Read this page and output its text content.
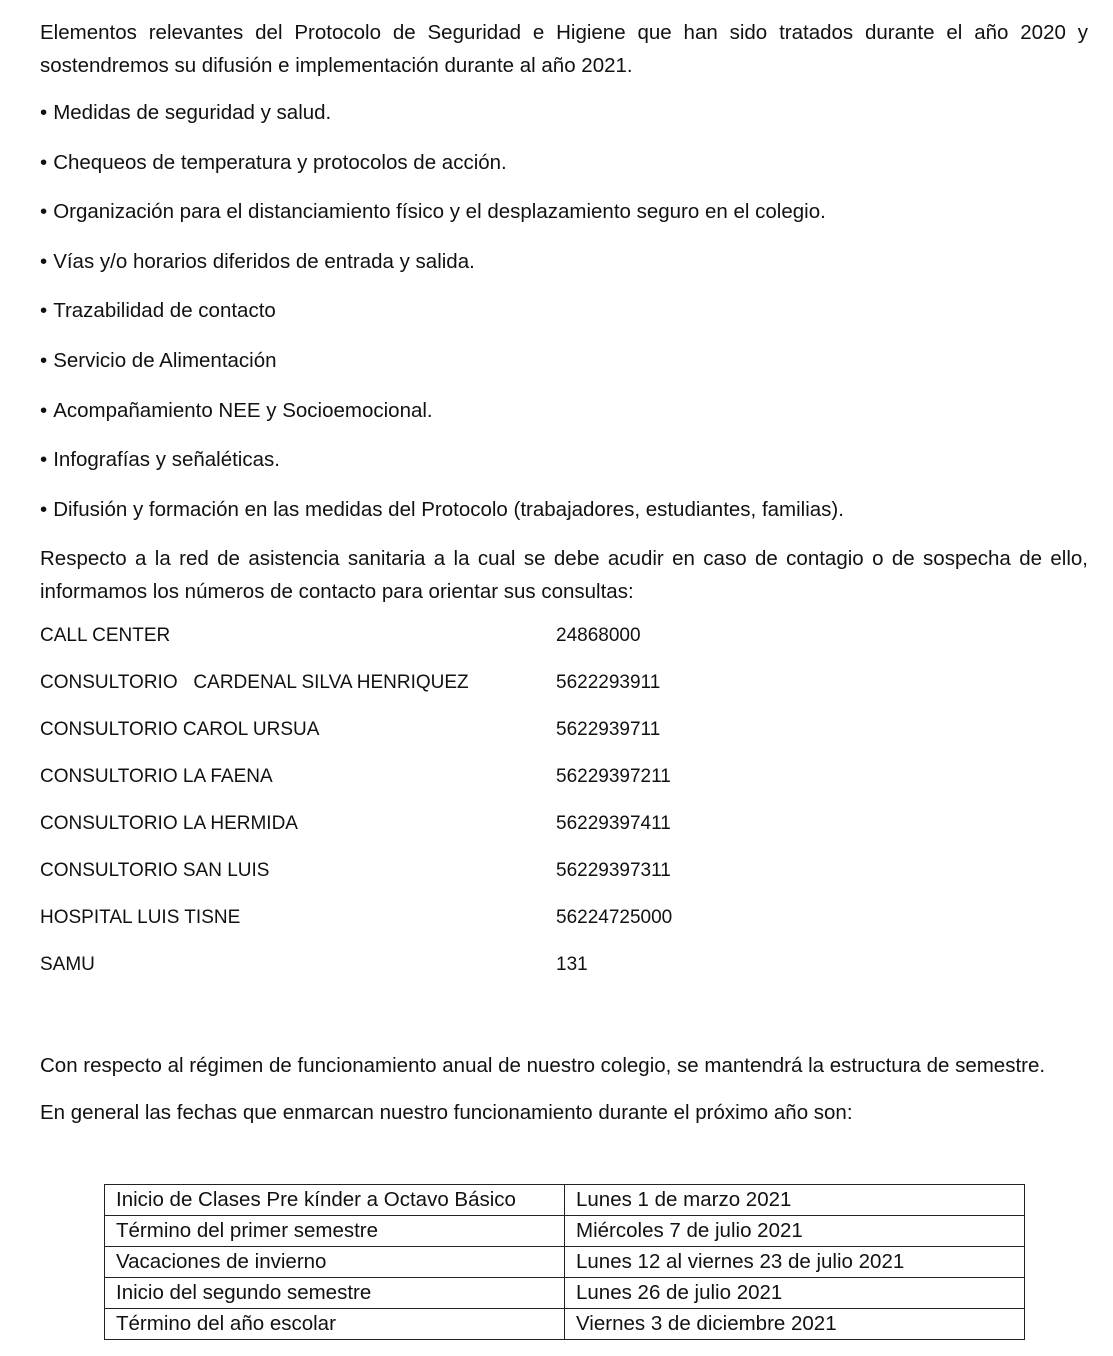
Elementos relevantes del Protocolo de Seguridad e Higiene que han sido tratados durante el año 2020 y sostendremos su difusión e implementación durante al año 2021.

• Medidas de seguridad y salud.
• Chequeos de temperatura y protocolos de acción.
• Organización para el distanciamiento físico y el desplazamiento seguro en el colegio.
• Vías y/o horarios diferidos de entrada y salida.
• Trazabilidad de contacto
• Servicio de Alimentación
• Acompañamiento NEE y Socioemocional.
• Infografías y señaléticas.
• Difusión y formación en las medidas del Protocolo (trabajadores, estudiantes, familias).

Respecto a la red de asistencia sanitaria a la cual se debe acudir en caso de contagio o de sospecha de ello, informamos los números de contacto para orientar sus consultas:

CALL CENTER	24868000
CONSULTORIO   CARDENAL SILVA HENRIQUEZ	5622293911
CONSULTORIO CAROL URSUA	5622939711
CONSULTORIO LA FAENA	56229397211
CONSULTORIO LA HERMIDA	56229397411
CONSULTORIO SAN LUIS	56229397311
HOSPITAL LUIS TISNE	56224725000
SAMU	131

Con respecto al régimen de funcionamiento anual de nuestro colegio, se mantendrá la estructura de semestre.

En general las fechas que enmarcan nuestro funcionamiento durante el próximo año son:

Inicio de Clases Pre kínder a Octavo Básico	Lunes 1 de marzo 2021
Término del primer semestre	Miércoles 7 de julio 2021
Vacaciones de invierno	Lunes 12 al viernes 23 de julio 2021
Inicio del segundo semestre	Lunes 26 de julio 2021
Término del año escolar	Viernes 3 de diciembre 2021
